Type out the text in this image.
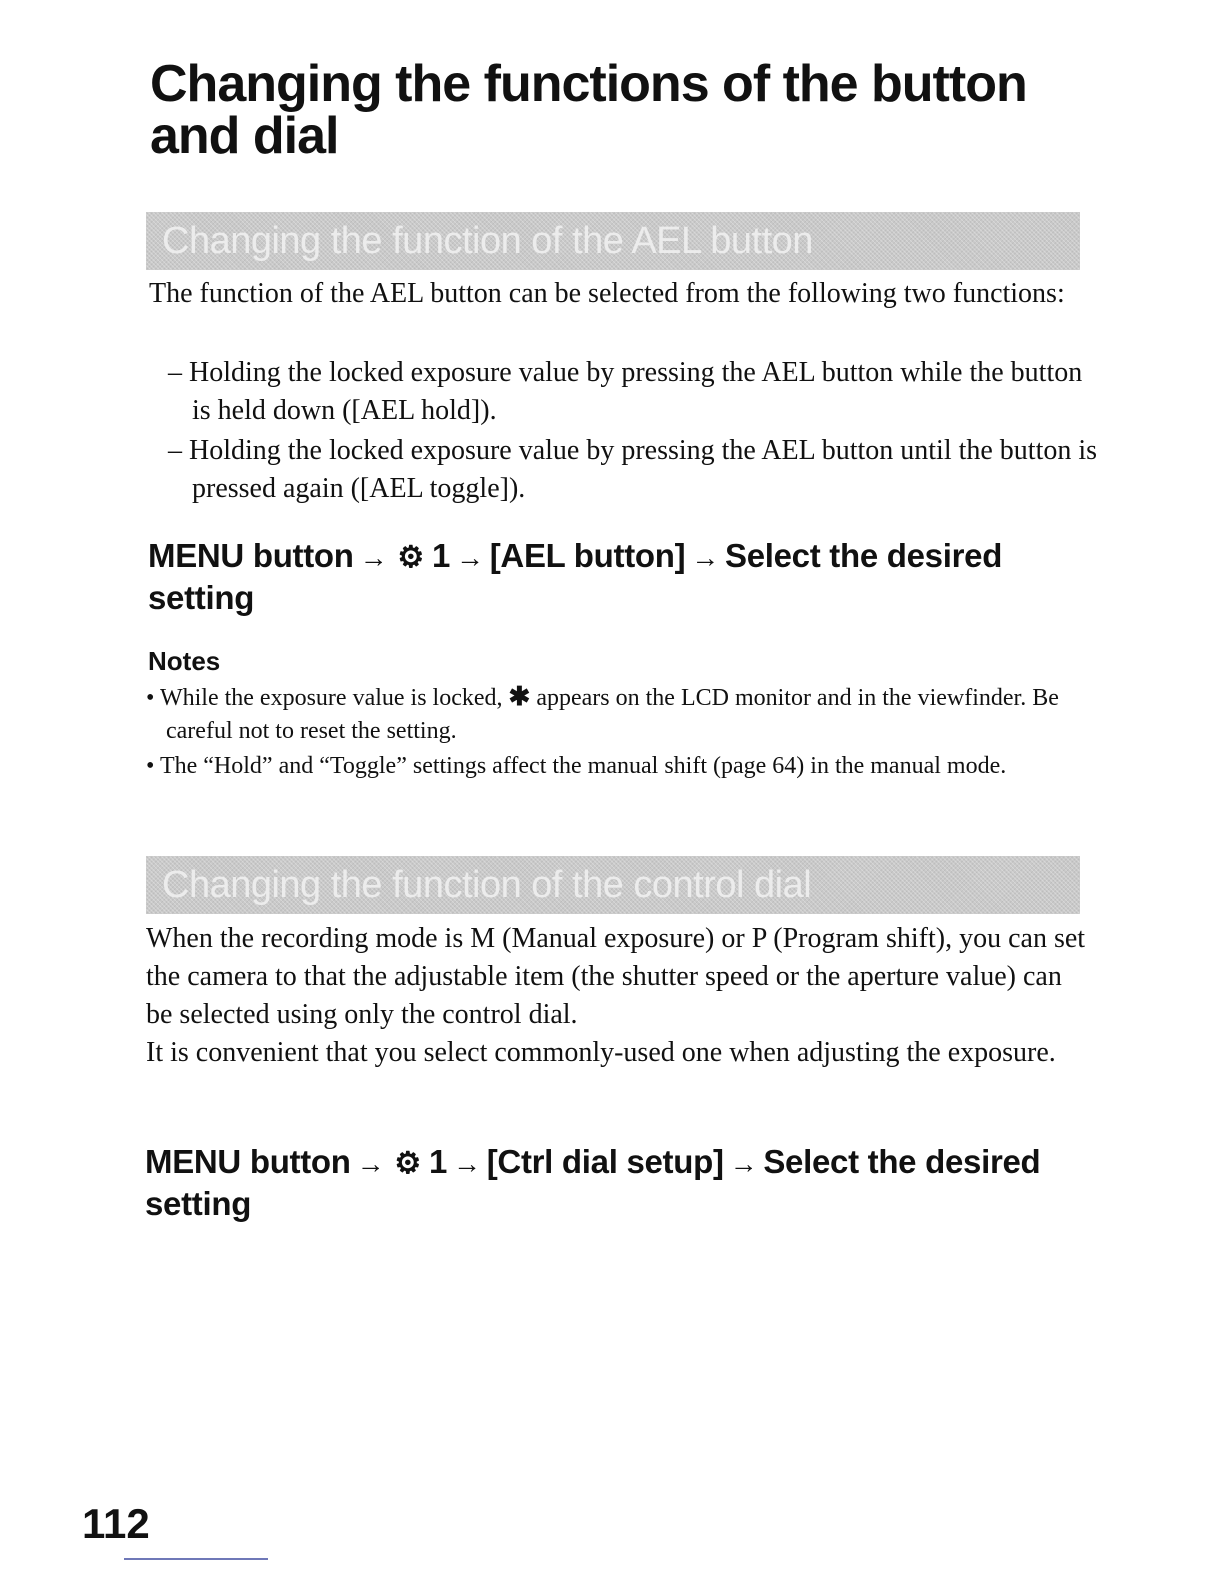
Changing the functions of the button and dial
Changing the function of the AEL button

The function of the AEL button can be selected from the following two functions:

– Holding the locked exposure value by pressing the AEL button while the button is held down ([AEL hold]).

– Holding the locked exposure value by pressing the AEL button until the button is pressed again ([AEL toggle]).

MENU button → ⚙ 1 → [AEL button] → Select the desired setting

Notes

• While the exposure value is locked, ✱ appears on the LCD monitor and in the viewfinder. Be careful not to reset the setting.

• The “Hold” and “Toggle” settings affect the manual shift (page 64) in the manual mode.

Changing the function of the control dial
When the recording mode is M (Manual exposure) or P (Program shift), you can set the camera to that the adjustable item (the shutter speed or the aperture value) can be selected using only the control dial.
It is convenient that you select commonly-used one when adjusting the exposure.

MENU button → ⚙ 1 → [Ctrl dial setup] → Select the desired setting

112
